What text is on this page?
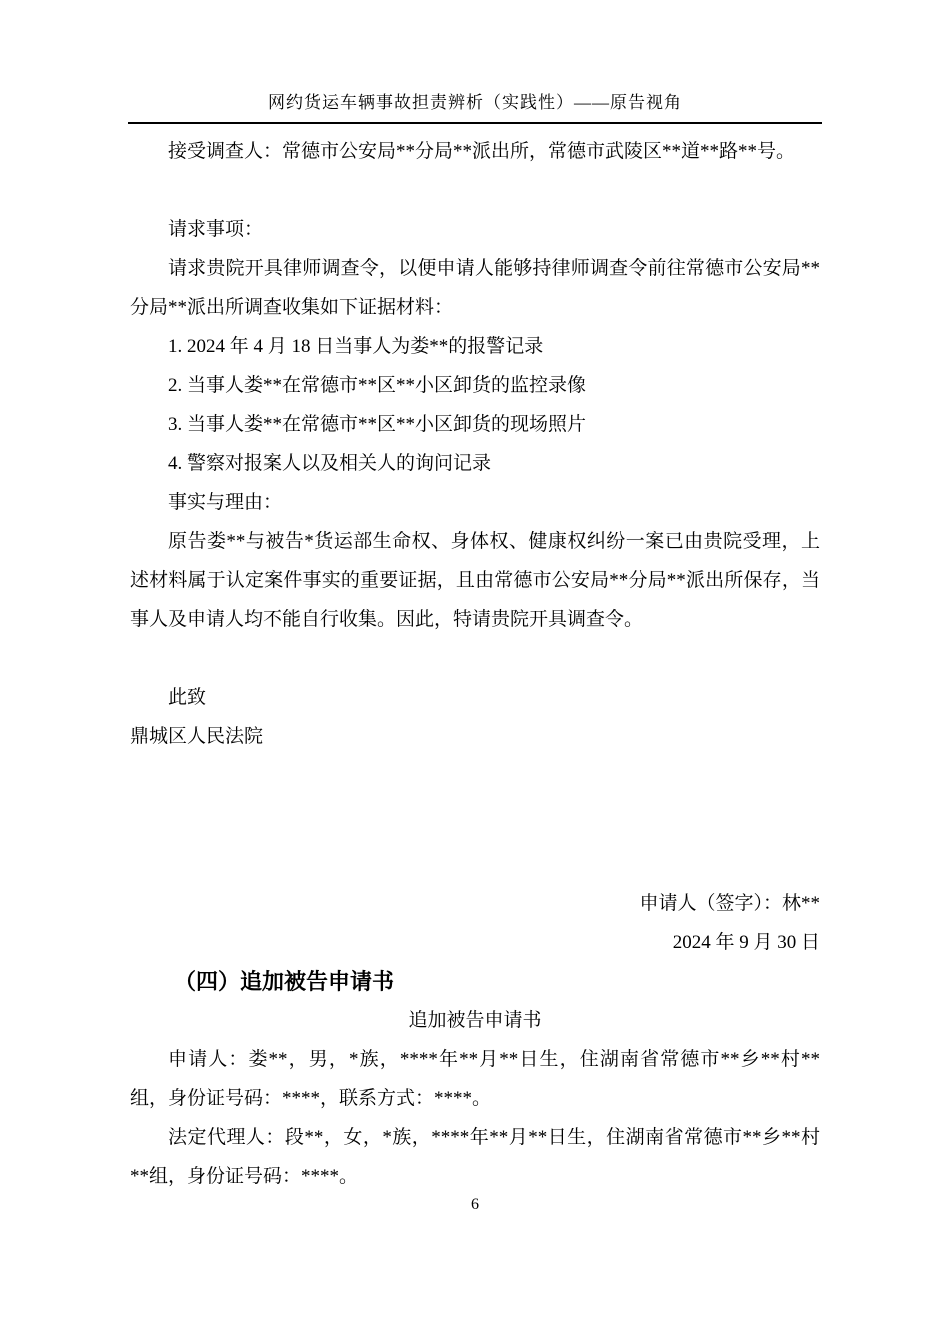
网约货运车辆事故担责辨析（实践性）——原告视角

接受调查人：常德市公安局**分局**派出所，常德市武陵区**道**路**号。

请求事项：

请求贵院开具律师调查令，以便申请人能够持律师调查令前往常德市公安局**分局**派出所调查收集如下证据材料：

1. 2024 年 4 月 18 日当事人为娄**的报警记录

2. 当事人娄**在常德市**区**小区卸货的监控录像

3. 当事人娄**在常德市**区**小区卸货的现场照片

4. 警察对报案人以及相关人的询问记录

事实与理由：

原告娄**与被告*货运部生命权、身体权、健康权纠纷一案已由贵院受理，上述材料属于认定案件事实的重要证据，且由常德市公安局**分局**派出所保存，当事人及申请人均不能自行收集。因此，特请贵院开具调查令。

此致

鼎城区人民法院

申请人（签字）：林**

2024 年 9 月 30 日

（四）追加被告申请书

追加被告申请书

申请人：娄**，男，*族，****年**月**日生，住湖南省常德市**乡**村**组，身份证号码：****，联系方式：****。

法定代理人：段**，女，*族，****年**月**日生，住湖南省常德市**乡**村**组，身份证号码：****。

6
